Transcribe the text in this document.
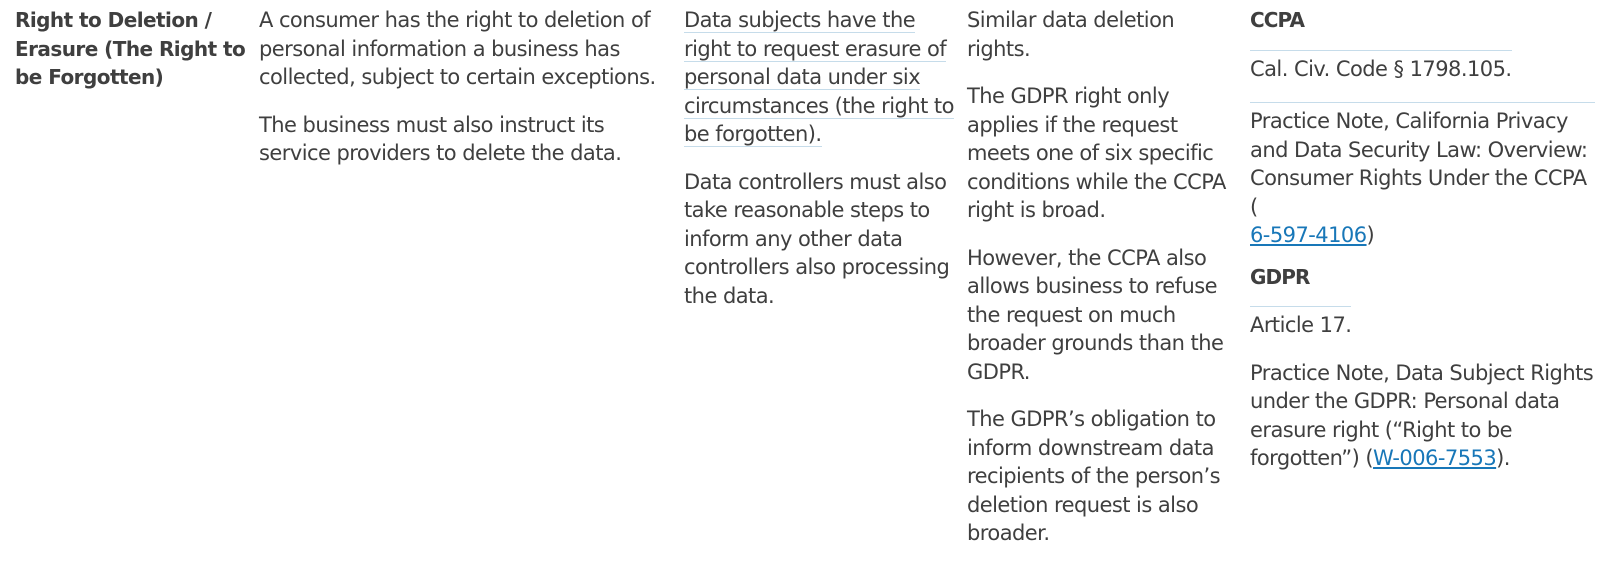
Right to Deletion / Erasure (The Right to be Forgotten)

A consumer has the right to deletion of personal information a business has collected, subject to certain exceptions.

The business must also instruct its service providers to delete the data.

Data subjects have the right to request erasure of personal data under six circumstances (the right to be forgotten).

Data controllers must also take reasonable steps to inform any other data controllers also processing the data.

Similar data deletion rights.

The GDPR right only applies if the request meets one of six specific conditions while the CCPA right is broad.

However, the CCPA also allows business to refuse the request on much broader grounds than the GDPR.

The GDPR’s obligation to inform downstream data recipients of the person’s deletion request is also broader.

CCPA

Cal. Civ. Code § 1798.105.

Practice Note, California Privacy and Data Security Law: Overview: Consumer Rights Under the CCPA (6-597-4106)

GDPR

Article 17.

Practice Note, Data Subject Rights under the GDPR: Personal data erasure right (“Right to be forgotten”) (W-006-7553).
